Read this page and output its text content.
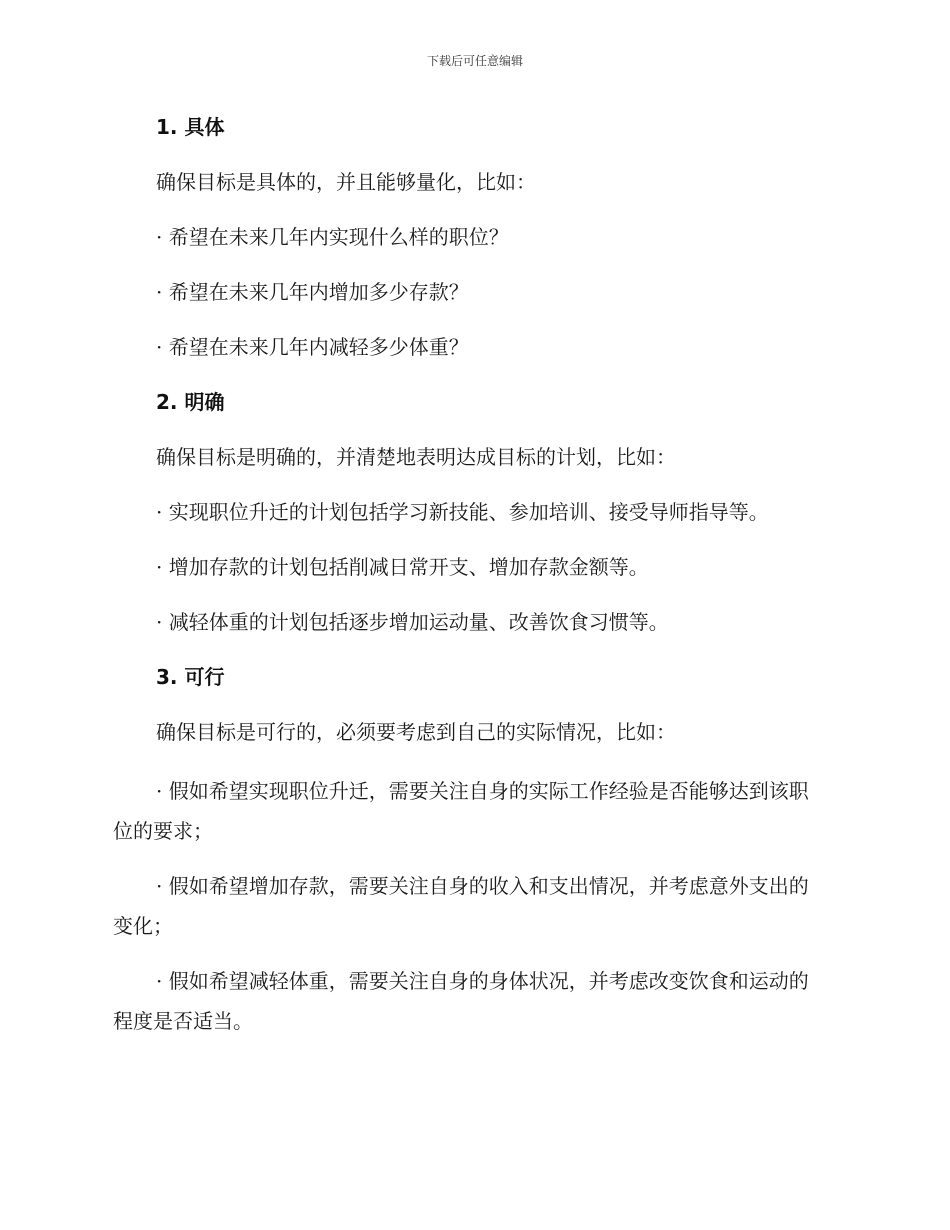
下载后可任意编辑
1. 具体

确保目标是具体的，并且能够量化，比如：

· 希望在未来几年内实现什么样的职位？

· 希望在未来几年内增加多少存款？

· 希望在未来几年内减轻多少体重？

2. 明确

确保目标是明确的，并清楚地表明达成目标的计划，比如：

· 实现职位升迁的计划包括学习新技能、参加培训、接受导师指导等。

· 增加存款的计划包括削减日常开支、增加存款金额等。

· 减轻体重的计划包括逐步增加运动量、改善饮食习惯等。

3. 可行

确保目标是可行的，必须要考虑到自己的实际情况，比如：

· 假如希望实现职位升迁，需要关注自身的实际工作经验是否能够达到该职位的要求；

· 假如希望增加存款，需要关注自身的收入和支出情况，并考虑意外支出的变化；

· 假如希望减轻体重，需要关注自身的身体状况，并考虑改变饮食和运动的程度是否适当。
